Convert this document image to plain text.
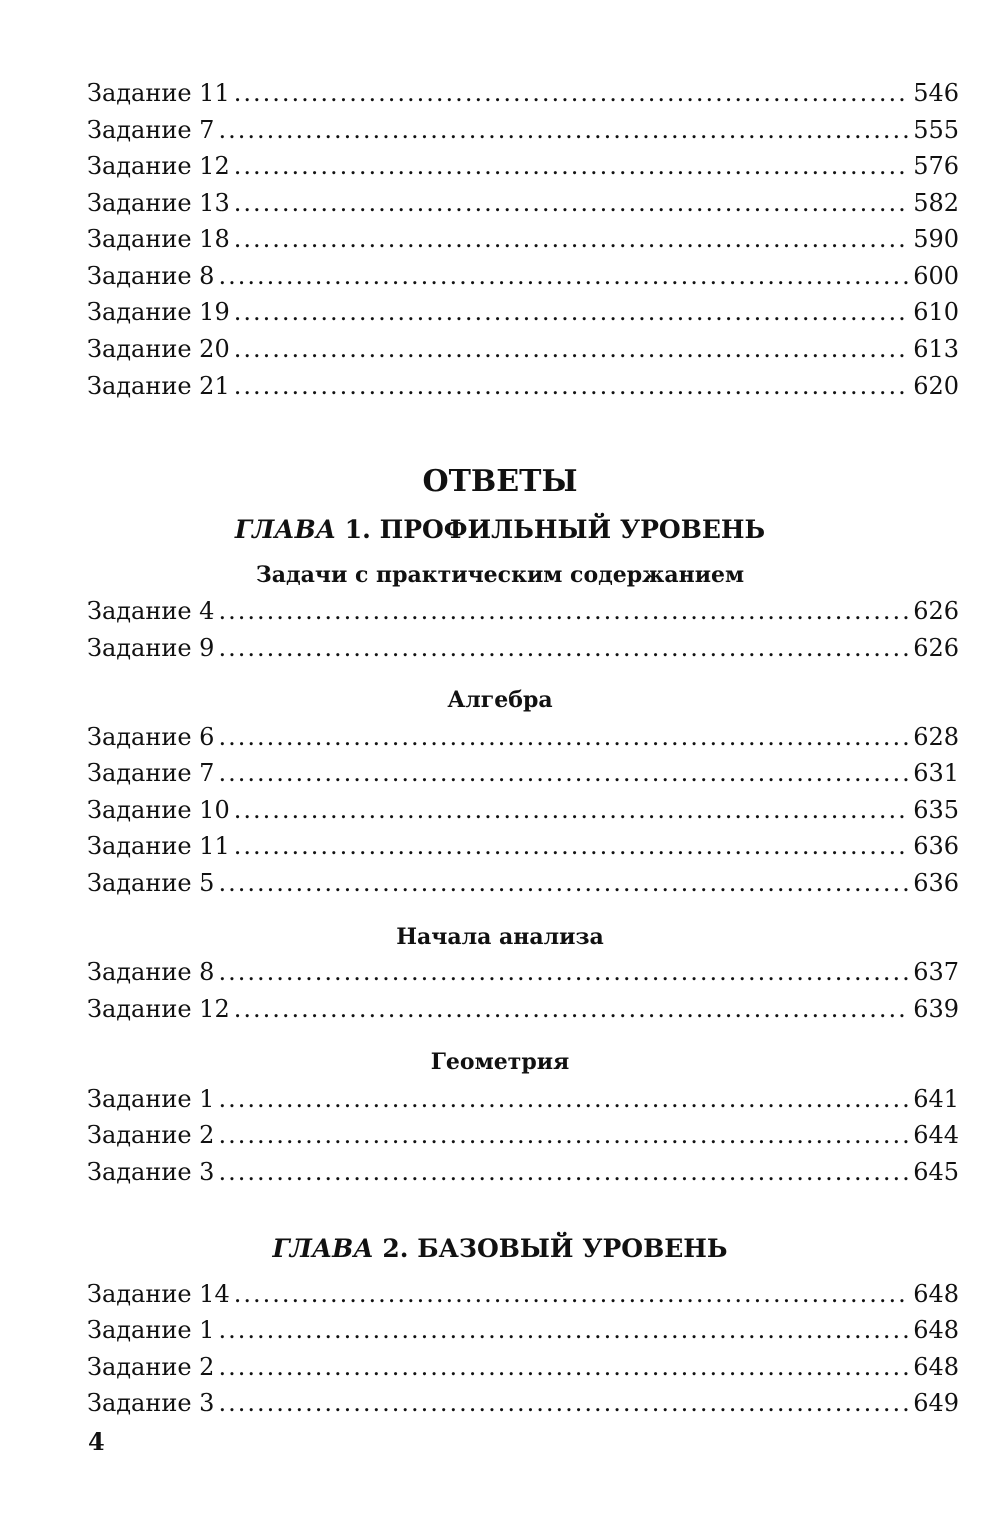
Задание 11 .....	546
Задание 7 .....	555
Задание 12 .....	576
Задание 13 .....	582
Задание 18 .....	590
Задание 8 .....	600
Задание 19 .....	610
Задание 20 .....	613
Задание 21 .....	620
ОТВЕТЫ
ГЛАВА 1. ПРОФИЛЬНЫЙ УРОВЕНЬ
Задачи с практическим содержанием
Задание 4 .....	626
Задание 9 .....	626
Алгебра
Задание 6 .....	628
Задание 7 .....	631
Задание 10 .....	635
Задание 11 .....	636
Задание 5 .....	636
Начала анализа
Задание 8 .....	637
Задание 12 .....	639
Геометрия
Задание 1 .....	641
Задание 2 .....	644
Задание 3 .....	645
ГЛАВА 2. БАЗОВЫЙ УРОВЕНЬ
Задание 14 .....	648
Задание 1 .....	648
Задание 2 .....	648
Задание 3 .....	649
4
